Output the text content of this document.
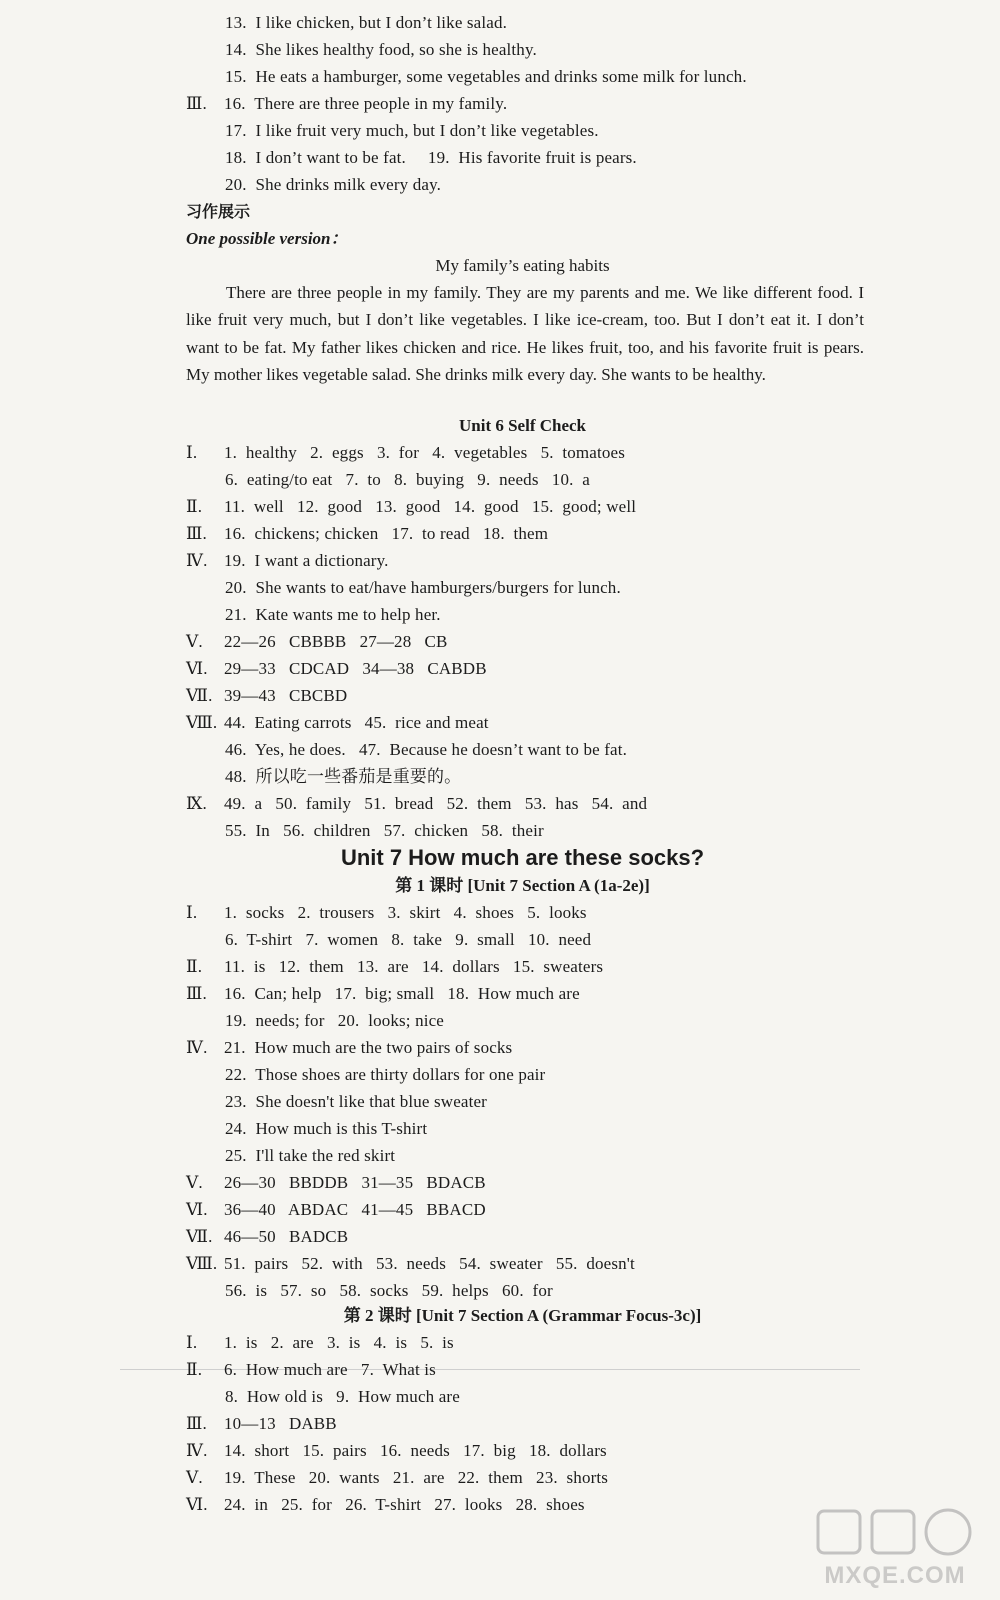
13.  I like chicken, but I don’t like salad.
14.  She likes healthy food, so she is healthy.
15.  He eats a hamburger, some vegetables and drinks some milk for lunch.
Ⅲ. 16.  There are three people in my family.
17.  I like fruit very much, but I don’t like vegetables.
18.  I don’t want to be fat.     19.  His favorite fruit is pears.
20.  She drinks milk every day.
习作展示
One possible version：
My family’s eating habits
There are three people in my family. They are my parents and me. We like different food. I like fruit very much, but I don’t like vegetables. I like ice-cream, too. But I don’t eat it. I don’t want to be fat. My father likes chicken and rice. He likes fruit, too, and his favorite fruit is pears. My mother likes vegetable salad. She drinks milk every day. She wants to be healthy.
Unit 6 Self Check
Ⅰ. 1.  healthy   2.  eggs   3.  for   4.  vegetables   5.  tomatoes
6.  eating/to eat   7.  to   8.  buying   9.  needs   10.  a
Ⅱ. 11.  well   12.  good   13.  good   14.  good   15.  good; well
Ⅲ. 16.  chickens; chicken   17.  to read   18.  them
Ⅳ. 19.  I want a dictionary.
20.  She wants to eat/have hamburgers/burgers for lunch.
21.  Kate wants me to help her.
Ⅴ. 22—26   CBBBB   27—28   CB
Ⅵ. 29—33   CDCAD   34—38   CABDB
Ⅶ. 39—43   CBCBD
Ⅷ. 44.  Eating carrots   45.  rice and meat
46.  Yes, he does.   47.  Because he doesn’t want to be fat.
48.  所以吃一些番茄是重要的。
Ⅸ. 49.  a   50.  family   51.  bread   52.  them   53.  has   54.  and
55.  In   56.  children   57.  chicken   58.  their
Unit 7 How much are these socks?
第 1 课时 [Unit 7 Section A (1a-2e)]
Ⅰ. 1.  socks   2.  trousers   3.  skirt   4.  shoes   5.  looks
6.  T-shirt   7.  women   8.  take   9.  small   10.  need
Ⅱ. 11.  is   12.  them   13.  are   14.  dollars   15.  sweaters
Ⅲ. 16.  Can; help   17.  big; small   18.  How much are
19.  needs; for   20.  looks; nice
Ⅳ. 21.  How much are the two pairs of socks
22.  Those shoes are thirty dollars for one pair
23.  She doesn't like that blue sweater
24.  How much is this T-shirt
25.  I'll take the red skirt
Ⅴ. 26—30   BBDDB   31—35   BDACB
Ⅵ. 36—40   ABDAC   41—45   BBACD
Ⅶ. 46—50   BADCB
Ⅷ. 51.  pairs   52.  with   53.  needs   54.  sweater   55.  doesn't
56.  is   57.  so   58.  socks   59.  helps   60.  for
第 2 课时 [Unit 7 Section A (Grammar Focus-3c)]
Ⅰ. 1.  is   2.  are   3.  is   4.  is   5.  is
Ⅱ. 6.  How much are   7.  What is
8.  How old is   9.  How much are
Ⅲ. 10—13   DABB
Ⅳ. 14.  short   15.  pairs   16.  needs   17.  big   18.  dollars
Ⅴ. 19.  These   20.  wants   21.  are   22.  them   23.  shorts
Ⅵ. 24.  in   25.  for   26.  T-shirt   27.  looks   28.  shoes
MXQE.COM
